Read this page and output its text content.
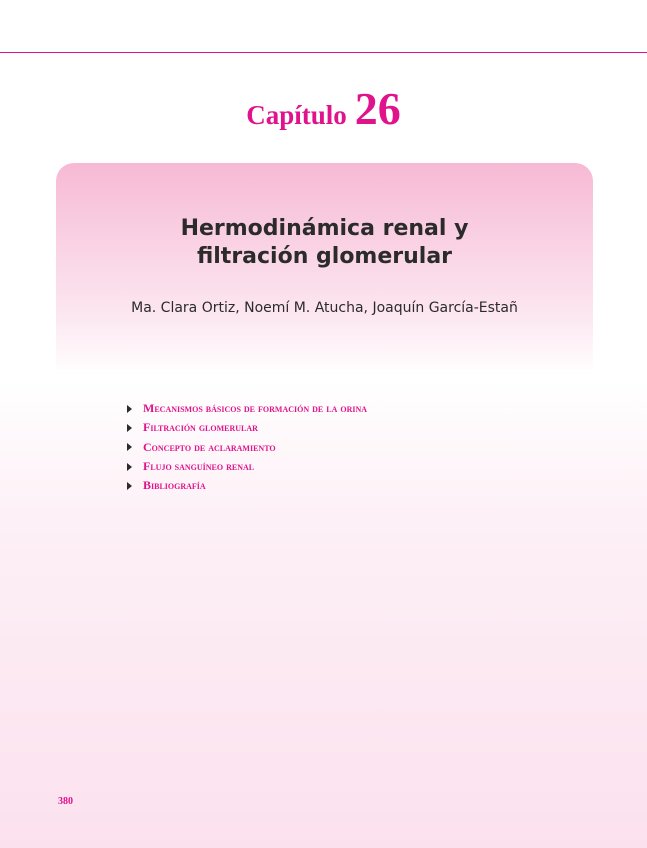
Capítulo 26
Hermodinámica renal y
filtración glomerular
Ma. Clara Ortiz, Noemí M. Atucha, Joaquín García-Estañ
Mecanismos básicos de formación de la orina
Filtración glomerular
Concepto de aclaramiento
Flujo sanguíneo renal
Bibliografía
380
